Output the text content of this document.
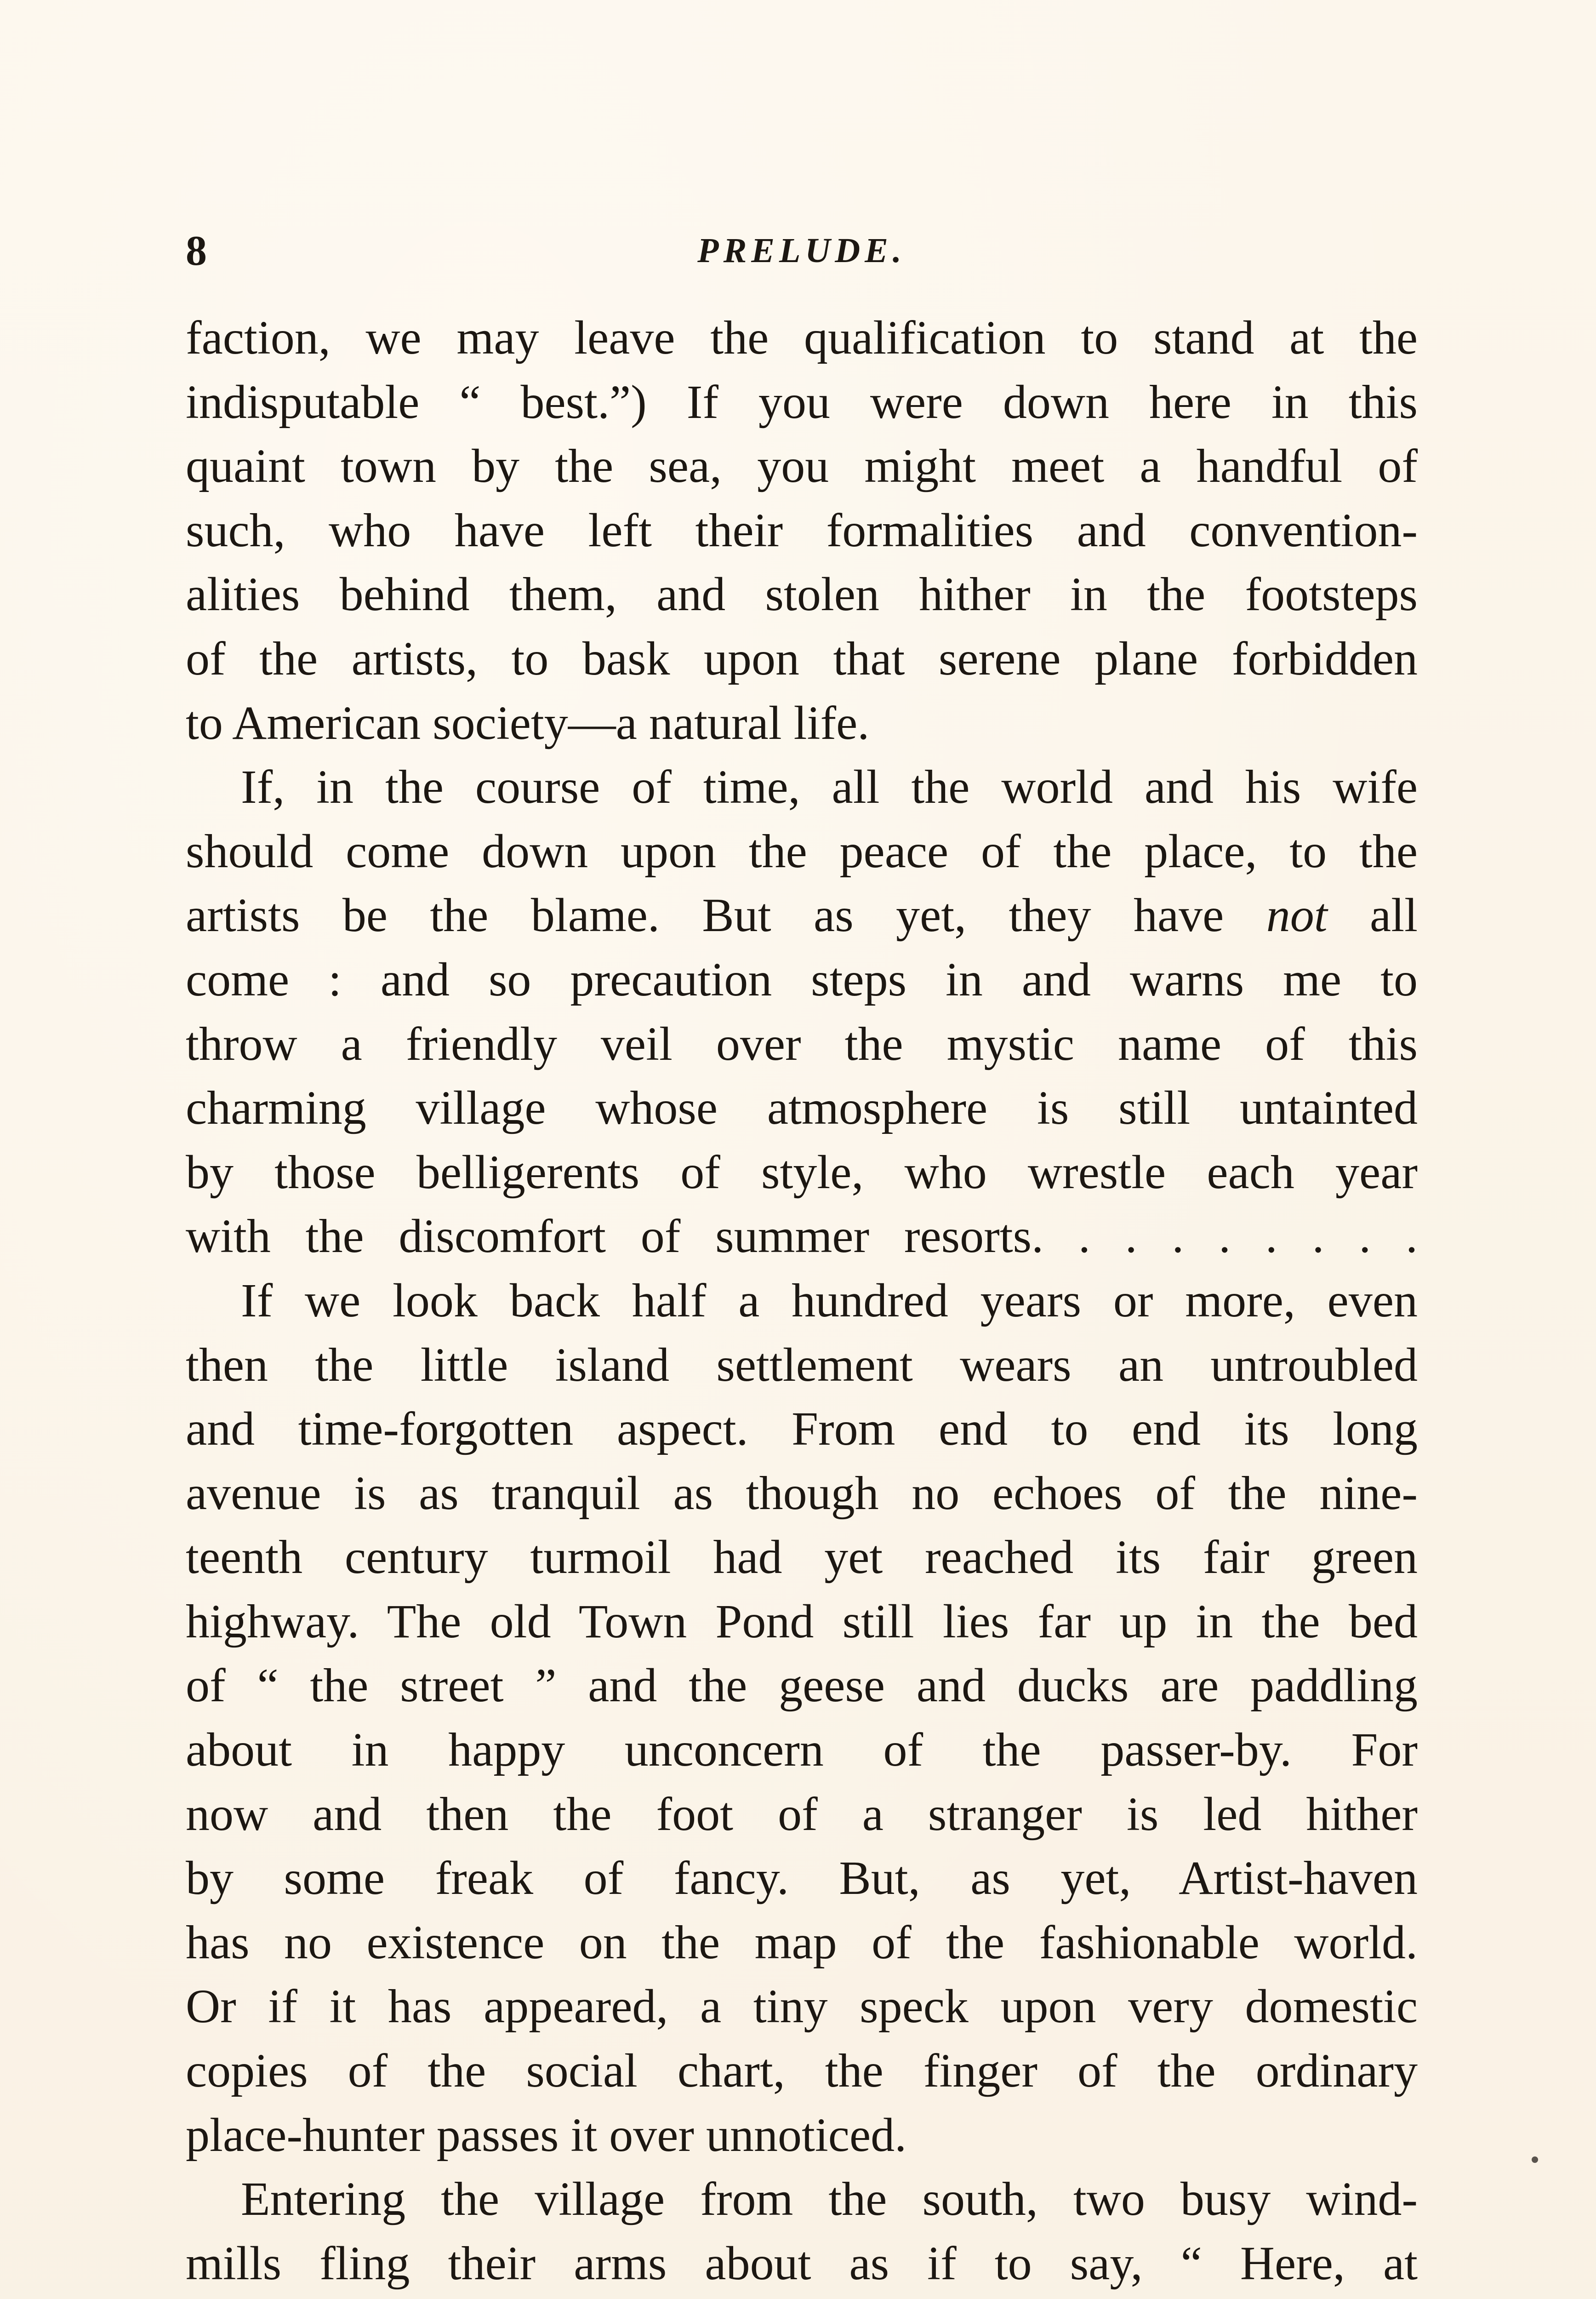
8	PRELUDE.
faction, we may leave the qualification to stand at the
indisputable “ best.”) If you were down here in this
quaint town by the sea, you might meet a handful of
such, who have left their formalities and convention-
alities behind them, and stolen hither in the footsteps
of the artists, to bask upon that serene plane forbidden
to American society—a natural life.
If, in the course of time, all the world and his wife
should come down upon the peace of the place, to the
artists be the blame. But as yet, they have not all
come : and so precaution steps in and warns me to
throw a friendly veil over the mystic name of this
charming village whose atmosphere is still untainted
by those belligerents of style, who wrestle each year
with the discomfort of summer resorts. . . . . . . . .
If we look back half a hundred years or more, even
then the little island settlement wears an untroubled
and time-forgotten aspect. From end to end its long
avenue is as tranquil as though no echoes of the nine-
teenth century turmoil had yet reached its fair green
highway. The old Town Pond still lies far up in the bed
of “ the street ” and the geese and ducks are paddling
about in happy unconcern of the passer-by. For
now and then the foot of a stranger is led hither
by some freak of fancy. But, as yet, Artist-haven
has no existence on the map of the fashionable world.
Or if it has appeared, a tiny speck upon very domestic
copies of the social chart, the finger of the ordinary
place-hunter passes it over unnoticed.
Entering the village from the south, two busy wind-
mills fling their arms about as if to say, “ Here, at
